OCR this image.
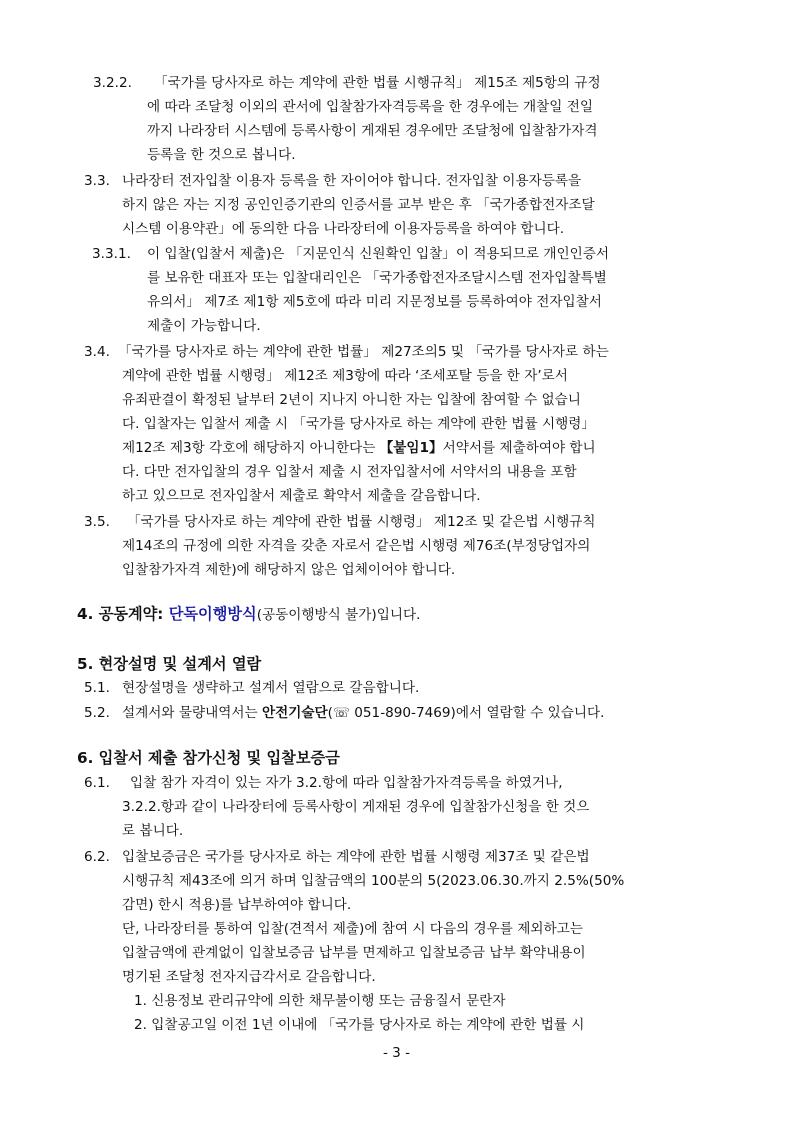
3.2.2. 「국가를 당사자로 하는 계약에 관한 법률 시행규칙」 제15조 제5항의 규정
에 따라 조달청 이외의 관서에 입찰참가자격등록을 한 경우에는 개찰일 전일
까지 나라장터 시스템에 등록사항이 게재된 경우에만 조달청에 입찰참가자격
등록을 한 것으로 봅니다.
3.3. 나라장터 전자입찰 이용자 등록을 한 자이어야 합니다. 전자입찰 이용자등록을
하지 않은 자는 지정 공인인증기관의 인증서를 교부 받은 후 「국가종합전자조달
시스템 이용약관」에 동의한 다음 나라장터에 이용자등록을 하여야 합니다.
3.3.1. 이 입찰(입찰서 제출)은 「지문인식 신원확인 입찰」이 적용되므로 개인인증서
를 보유한 대표자 또는 입찰대리인은 「국가종합전자조달시스템 전자입찰특별
유의서」 제7조 제1항 제5호에 따라 미리 지문정보를 등록하여야 전자입찰서
제출이 가능합니다.
3.4. 「국가를 당사자로 하는 계약에 관한 법률」 제27조의5 및 「국가를 당사자로 하는
계약에 관한 법률 시행령」 제12조 제3항에 따라 ‘조세포탈 등을 한 자’로서
유죄판결이 확정된 날부터 2년이 지나지 아니한 자는 입찰에 참여할 수 없습니
다. 입찰자는 입찰서 제출 시 「국가를 당사자로 하는 계약에 관한 법률 시행령」
제12조 제3항 각호에 해당하지 아니한다는 【붙임1】서약서를 제출하여야 합니
다. 다만 전자입찰의 경우 입찰서 제출 시 전자입찰서에 서약서의 내용을 포함
하고 있으므로 전자입찰서 제출로 확약서 제출을 갈음합니다.
3.5. 「국가를 당사자로 하는 계약에 관한 법률 시행령」 제12조 및 같은법 시행규칙
제14조의 규정에 의한 자격을 갖춘 자로서 같은법 시행령 제76조(부정당업자의
입찰참가자격 제한)에 해당하지 않은 업체이어야 합니다.
4. 공동계약: 단독이행방식(공동이행방식 불가)입니다.
5. 현장설명 및 설계서 열람
5.1. 현장설명을 생략하고 설계서 열람으로 갈음합니다.
5.2. 설계서와 물량내역서는 안전기술단(☏ 051-890-7469)에서 열람할 수 있습니다.
6. 입찰서 제출 참가신청 및 입찰보증금
6.1. 입찰 참가 자격이 있는 자가 3.2.항에 따라 입찰참가자격등록을 하였거나,
3.2.2.항과 같이 나라장터에 등록사항이 게재된 경우에 입찰참가신청을 한 것으
로 봅니다.
6.2. 입찰보증금은 국가를 당사자로 하는 계약에 관한 법률 시행령 제37조 및 같은법
시행규칙 제43조에 의거 하며 입찰금액의 100분의 5(2023.06.30.까지 2.5%(50%
감면) 한시 적용)를 납부하여야 합니다.
단, 나라장터를 통하여 입찰(견적서 제출)에 참여 시 다음의 경우를 제외하고는
입찰금액에 관계없이 입찰보증금 납부를 면제하고 입찰보증금 납부 확약내용이
명기된 조달청 전자지급각서로 갈음합니다.
1. 신용정보 관리규약에 의한 채무불이행 또는 금융질서 문란자
2. 입찰공고일 이전 1년 이내에 「국가를 당사자로 하는 계약에 관한 법률 시
- 3 -
